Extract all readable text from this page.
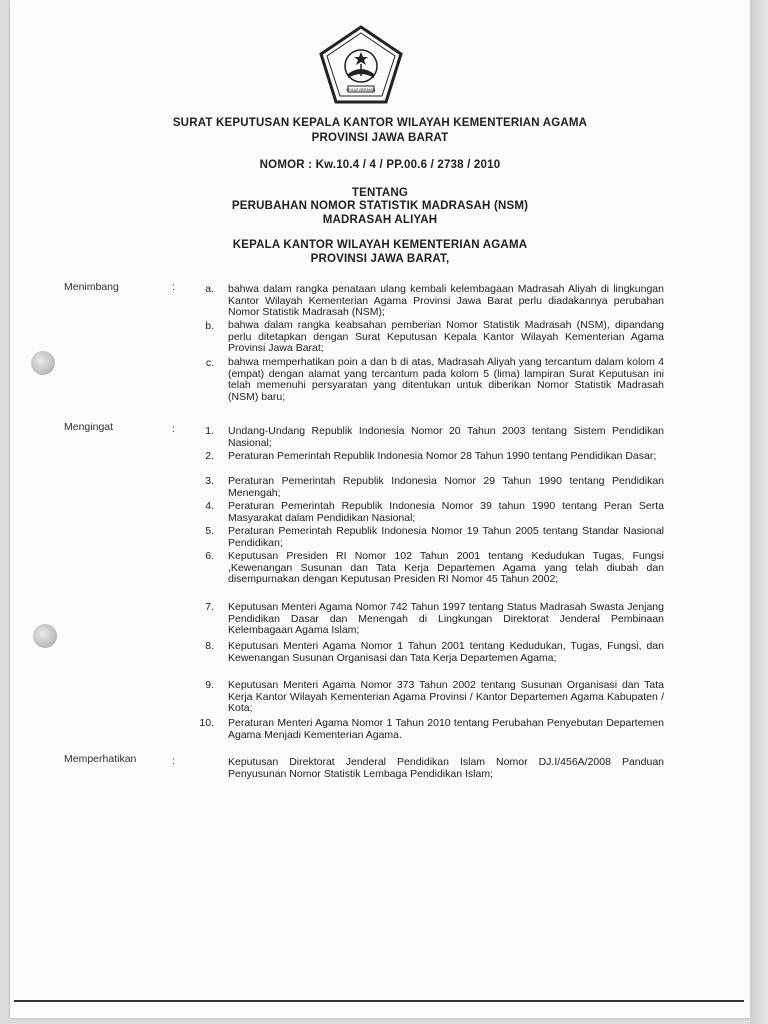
IKHLAS BERAMAL
SURAT KEPUTUSAN KEPALA KANTOR WILAYAH KEMENTERIAN AGAMA
PROVINSI JAWA BARAT
NOMOR : Kw.10.4 / 4 / PP.00.6 / 2738 / 2010
TENTANG
PERUBAHAN NOMOR STATISTIK MADRASAH (NSM)
MADRASAH ALIYAH
KEPALA KANTOR WILAYAH KEMENTERIAN AGAMA
PROVINSI JAWA BARAT,
Menimbang	:	a. bahwa dalam rangka penataan ulang kembali kelembagaan Madrasah Aliyah di lingkungan Kantor Wilayah Kementerian Agama Provinsi Jawa Barat perlu diadakannya perubahan Nomor Statistik Madrasah (NSM);
b. bahwa dalam rangka keabsahan pemberian Nomor Statistik Madrasah (NSM), dipandang perlu ditetapkan dengan Surat Keputusan Kepala Kantor Wilayah Kementerian Agama Provinsi Jawa Barat;
c. bahwa memperhatikan poin a dan b di atas, Madrasah Aliyah yang tercantum dalam kolom 4 (empat) dengan alamat yang tercantum pada kolom 5 (lima) lampiran Surat Keputusan ini telah memenuhi persyaratan yang ditentukan untuk diberikan Nomor Statistik Madrasah (NSM) baru;
Mengingat	:	1. Undang-Undang Republik Indonesia Nomor 20 Tahun 2003 tentang Sistem Pendidikan Nasional;
2. Peraturan Pemerintah Republik Indonesia Nomor 28 Tahun 1990 tentang Pendidikan Dasar;
3. Peraturan Pemerintah Republik Indonesia Nomor 29 Tahun 1990 tentang Pendidikan Menengah;
4. Peraturan Pemerintah Republik Indonesia Nomor 39 tahun 1990 tentang Peran Serta Masyarakat dalam Pendidikan Nasional;
5. Peraturan Pemerintah Republik Indonesia Nomor 19 Tahun 2005 tentang Standar Nasional Pendidikan;
6. Keputusan Presiden RI Nomor 102 Tahun 2001 tentang Kedudukan Tugas, Fungsi ,Kewenangan Susunan dan Tata Kerja Departemen Agama yang telah diubah dan disempurnakan dengan Keputusan Presiden RI Nomor 45 Tahun 2002;
7. Keputusan Menteri Agama Nomor 742 Tahun 1997 tentang Status Madrasah Swasta Jenjang Pendidikan Dasar dan Menengah di Lingkungan Direktorat Jenderal Pembinaan Kelembagaan Agama Islam;
8. Keputusan Menteri Agama Nomor 1 Tahun 2001 tentang Kedudukan, Tugas, Fungsi, dan Kewenangan Susunan Organisasi dan Tata Kerja Departemen Agama;
9. Keputusan Menteri Agama Nomor 373 Tahun 2002 tentang Susunan Organisasi dan Tata Kerja Kantor Wilayah Kementerian Agama Provinsi / Kantor Departemen Agama Kabupaten / Kota;
10. Peraturan Menteri Agama Nomor 1 Tahun 2010 tentang Perubahan Penyebutan Departemen Agama Menjadi Kementerian Agama.
Memperhatikan	:	Keputusan Direktorat Jenderal Pendidikan Islam Nomor DJ.I/456A/2008 Panduan Penyusunan Nomor Statistik Lembaga Pendidikan Islam;
